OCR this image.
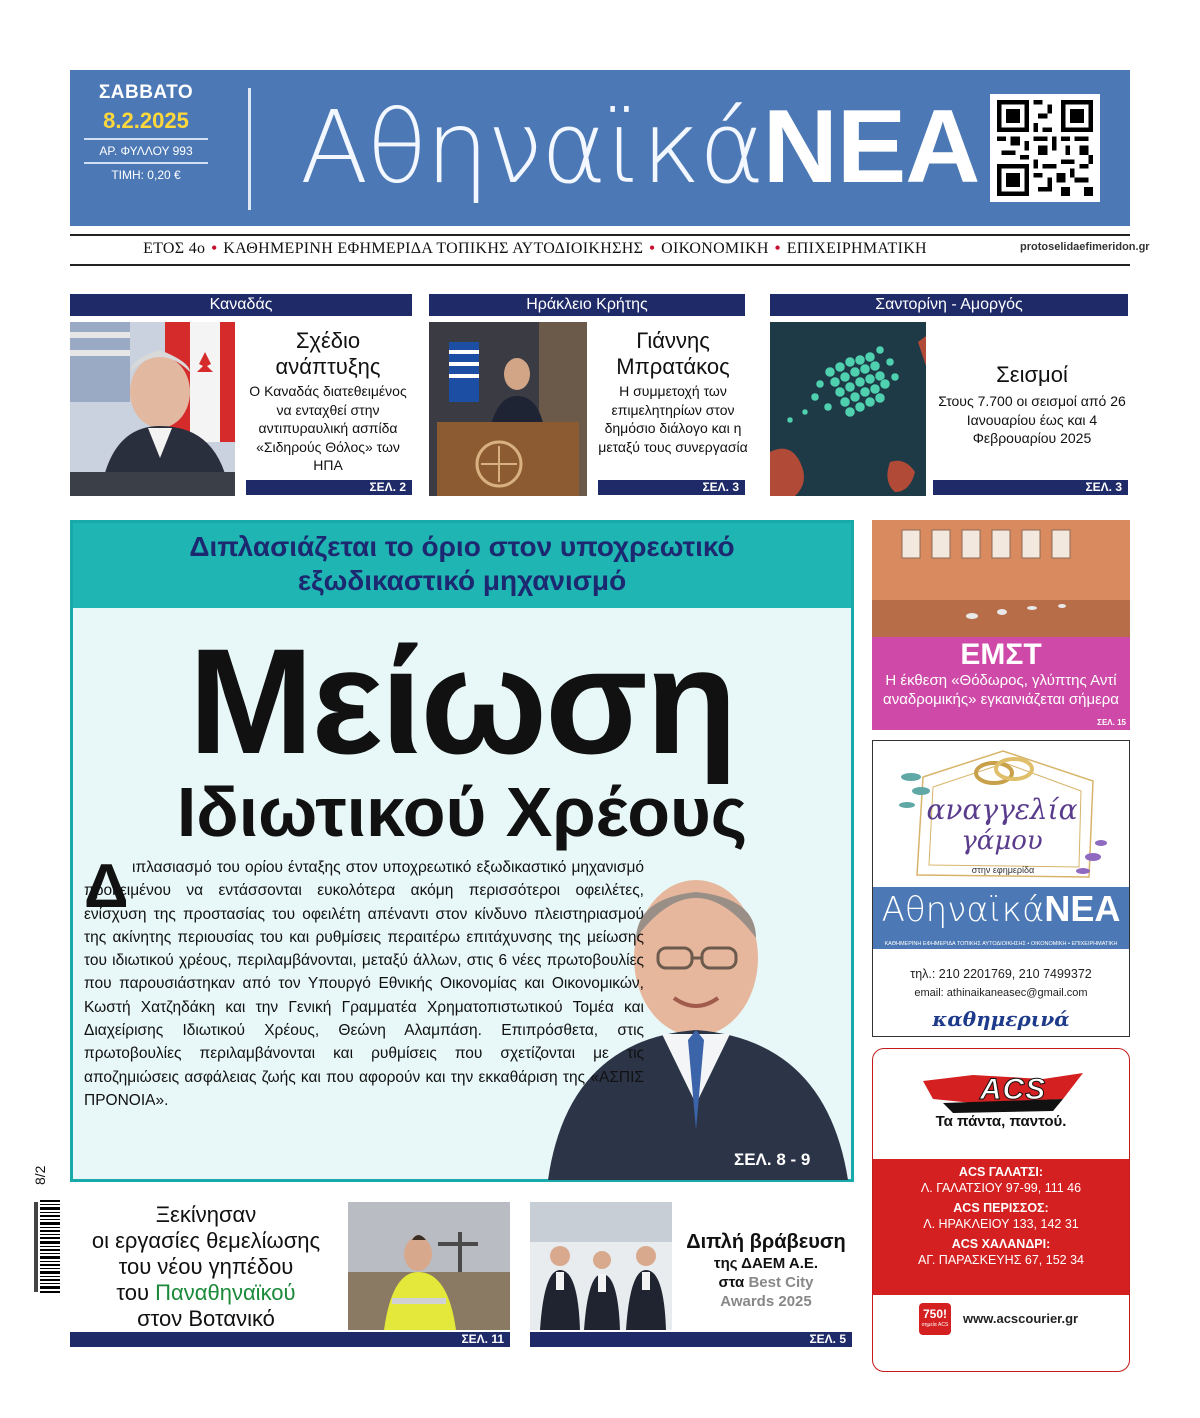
ΣΑΒΒΑΤΟ
8.2.2025
ΑΡ. ΦΥΛΛΟΥ 993
ΤΙΜΗ: 0,20 € ΑθηναϊκάΝΕΑ
ΕΤΟΣ 4ο • ΚΑΘΗΜΕΡΙΝΗ ΕΦΗΜΕΡΙΔΑ ΤΟΠΙΚΗΣ ΑΥΤΟΔΙΟΙΚΗΣΗΣ • ΟΙΚΟΝΟΜΙΚΗ • ΕΠΙΧΕΙΡΗΜΑΤΙΚΗ	protoselidaefimeridon.gr
Καναδάς
Σχέδιο ανάπτυξης
Ο Καναδάς διατεθειμένος να ενταχθεί στην αντιπυραυλική ασπίδα «Σιδηρούς Θόλος» των ΗΠΑ
ΣΕΛ. 2
Ηράκλειο Κρήτης
Γιάννης Μπρατάκος
Η συμμετοχή των επιμελητηρίων στον δημόσιο διάλογο και η μεταξύ τους συνεργασία
ΣΕΛ. 3
Σαντορίνη - Αμοργός
Σεισμοί
Στους 7.700 οι σεισμοί από 26 Ιανουαρίου έως και 4 Φεβρουαρίου 2025
ΣΕΛ. 3
Διπλασιάζεται το όριο στον υποχρεωτικό
εξωδικαστικό μηχανισμό
Μείωση
Ιδιωτικού Χρέους
Δ ιπλασιασμό του ορίου ένταξης στον υποχρεωτικό εξωδικαστικό μηχανισμό προκειμένου να εντάσσονται ευκολότερα ακόμη περισσότεροι οφειλέτες, ενίσχυση της προστασίας του οφειλέτη απέναντι στον κίνδυνο πλειστηριασμού της ακίνητης περιουσίας του και ρυθμίσεις περαιτέρω επιτάχυνσης της μείωσης του ιδιωτικού χρέους, περιλαμβάνονται, μεταξύ άλλων, στις 6 νέες πρωτοβουλίες που παρουσιάστηκαν από τον Υπουργό Εθνικής Οικονομίας και Οικονομικών, Κωστή Χατζηδάκη και την Γενική Γραμματέα Χρηματοπιστωτικού Τομέα και Διαχείρισης Ιδιωτικού Χρέους, Θεώνη Αλαμπάση. Επιπρόσθετα, στις πρωτοβουλίες περιλαμβάνονται και ρυθμίσεις που σχετίζονται με τις αποζημιώσεις ασφάλειας ζωής και που αφορούν και την εκκαθάριση της «ΑΣΠΙΣ ΠΡΟΝΟΙΑ».
ΣΕΛ. 8 - 9
ΕΜΣΤ
Η έκθεση «Θόδωρος, γλύπτης Αντί αναδρομικής» εγκαινιάζεται σήμερα
ΣΕΛ. 15
αναγγελία
γάμου
στην εφημερίδα
ΑθηναϊκάΝΕΑ
ΚΑΘΗΜΕΡΙΝΗ ΕΦΗΜΕΡΙΔΑ ΤΟΠΙΚΗΣ ΑΥΤΟΔΙΟΙΚΗΣΗΣ • ΟΙΚΟΝΟΜΙΚΗ • ΕΠΙΧΕΙΡΗΜΑΤΙΚΗ
τηλ.: 210 2201769, 210 7499372
email: athinaikaneasec@gmail.com
καθημερινά
ACS
Τα πάντα, παντού.
ACS ΓΑΛΑΤΣΙ:
Λ. ΓΑΛΑΤΣΙΟΥ 97-99, 111 46
ACS ΠΕΡΙΣΣΟΣ:
Λ. ΗΡΑΚΛΕΙΟΥ 133, 142 31
ACS ΧΑΛΑΝΔΡΙ:
ΑΓ. ΠΑΡΑΣΚΕΥΗΣ 67, 152 34
750!
σημεία ACS www.acscourier.gr
Ξεκίνησαν
οι εργασίες θεμελίωσης
του νέου γηπέδου
του Παναθηναϊκού
στον Βοτανικό
ΣΕΛ. 11
Διπλή βράβευση
της ΔΑΕΜ Α.Ε.
στα Best City
Awards 2025
ΣΕΛ. 5
8/2
